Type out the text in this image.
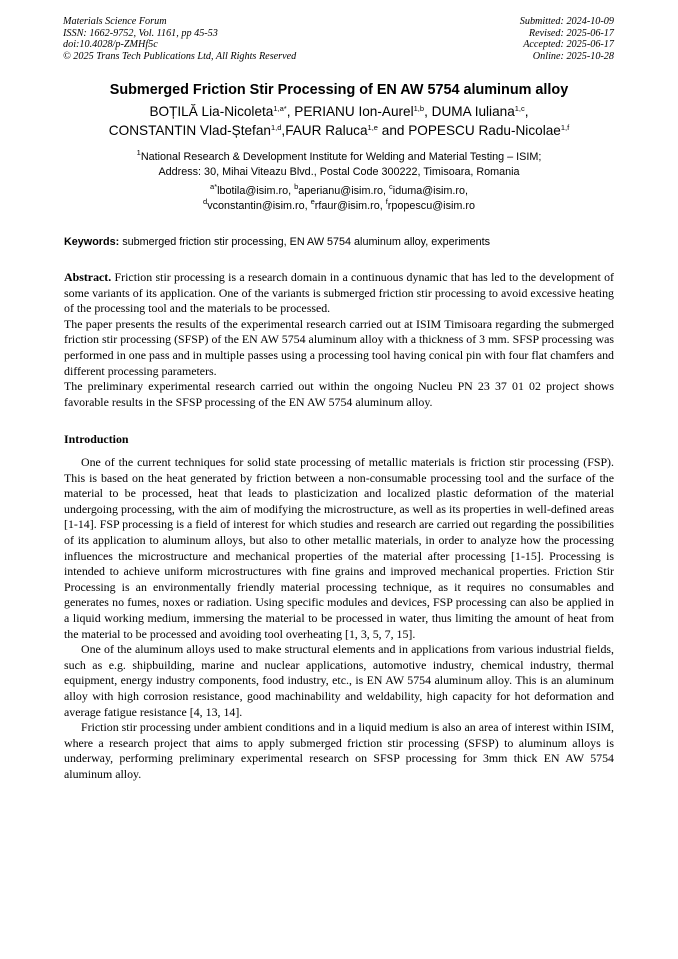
Materials Science Forum
ISSN: 1662-9752, Vol. 1161, pp 45-53
doi:10.4028/p-ZMHf5c
© 2025 Trans Tech Publications Ltd, All Rights Reserved
Submitted: 2024-10-09
Revised: 2025-06-17
Accepted: 2025-06-17
Online: 2025-10-28
Submerged Friction Stir Processing of EN AW 5754 aluminum alloy
BOȚILĂ Lia-Nicoleta$^{1,a*}$, PERIANU Ion-Aurel$^{1,b}$, DUMA Iuliana$^{1,c}$,
CONSTANTIN Vlad-Ștefan$^{1,d}$,FAUR Raluca$^{1,e}$ and POPESCU Radu-Nicolae$^{1,f}$
$^1$National Research & Development Institute for Welding and Material Testing – ISIM;
Address: 30, Mihai Viteazu Blvd., Postal Code 300222, Timisoara, Romania
$^{a*}$lbotila@isim.ro, $^b$aperianu@isim.ro, $^c$iduma@isim.ro,
$^d$vconstantin@isim.ro, $^e$rfaur@isim.ro, $^f$rpopescu@isim.ro
Keywords: submerged friction stir processing, EN AW 5754 aluminum alloy, experiments

Abstract. Friction stir processing is a research domain in a continuous dynamic that has led to the development of some variants of its application. One of the variants is submerged friction stir processing to avoid excessive heating of the processing tool and the materials to be processed.

The paper presents the results of the experimental research carried out at ISIM Timisoara regarding the submerged friction stir processing (SFSP) of the EN AW 5754 aluminum alloy with a thickness of 3 mm. SFSP processing was performed in one pass and in multiple passes using a processing tool having conical pin with four flat chamfers and different processing parameters.

The preliminary experimental research carried out within the ongoing Nucleu PN 23 37 01 02 project shows favorable results in the SFSP processing of the EN AW 5754 aluminum alloy.

Introduction

One of the current techniques for solid state processing of metallic materials is friction stir processing (FSP). This is based on the heat generated by friction between a non-consumable processing tool and the surface of the material to be processed, heat that leads to plasticization and localized plastic deformation of the material undergoing processing, with the aim of modifying the microstructure, as well as its properties in well-defined areas [1-14]. FSP processing is a field of interest for which studies and research are carried out regarding the possibilities of its application to aluminum alloys, but also to other metallic materials, in order to analyze how the processing influences the microstructure and mechanical properties of the material after processing [1-15]. Processing is intended to achieve uniform microstructures with fine grains and improved mechanical properties. Friction Stir Processing is an environmentally friendly material processing technique, as it requires no consumables and generates no fumes, noxes or radiation. Using specific modules and devices, FSP processing can also be applied in a liquid working medium, immersing the material to be processed in water, thus limiting the amount of heat from the material to be processed and avoiding tool overheating [1, 3, 5, 7, 15].

One of the aluminum alloys used to make structural elements and in applications from various industrial fields, such as e.g. shipbuilding, marine and nuclear applications, automotive industry, chemical industry, thermal equipment, energy industry components, food industry, etc., is EN AW 5754 aluminum alloy. This is an aluminum alloy with high corrosion resistance, good machinability and weldability, high capacity for hot deformation and average fatigue resistance [4, 13, 14].

Friction stir processing under ambient conditions and in a liquid medium is also an area of interest within ISIM, where a research project that aims to apply submerged friction stir processing (SFSP) to aluminum alloys is underway, performing preliminary experimental research on SFSP processing for 3mm thick EN AW 5754 aluminum alloy.
